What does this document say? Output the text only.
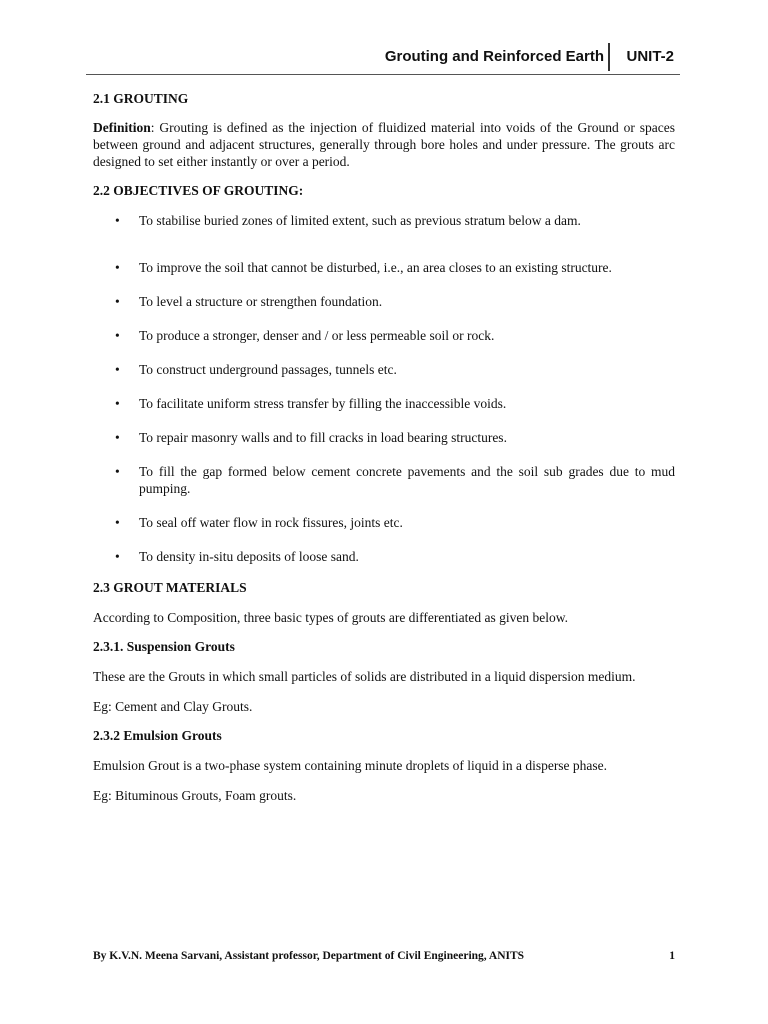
Grouting and Reinforced Earth UNIT-2

2.1 GROUTING

Definition: Grouting is defined as the injection of fluidized material into voids of the Ground or spaces between ground and adjacent structures, generally through bore holes and under pressure. The grouts arc designed to set either instantly or over a period.

2.2 OBJECTIVES OF GROUTING:

• To stabilise buried zones of limited extent, such as previous stratum below a dam.
• To improve the soil that cannot be disturbed, i.e., an area closes to an existing structure.
• To level a structure or strengthen foundation.
• To produce a stronger, denser and / or less permeable soil or rock.
• To construct underground passages, tunnels etc.
• To facilitate uniform stress transfer by filling the inaccessible voids.
• To repair masonry walls and to fill cracks in load bearing structures.
• To fill the gap formed below cement concrete pavements and the soil sub grades due to mud pumping.
• To seal off water flow in rock fissures, joints etc.
• To density in-situ deposits of loose sand.

2.3 GROUT MATERIALS

According to Composition, three basic types of grouts are differentiated as given below.

2.3.1. Suspension Grouts

These are the Grouts in which small particles of solids are distributed in a liquid dispersion medium.

Eg: Cement and Clay Grouts.

2.3.2 Emulsion Grouts

Emulsion Grout is a two-phase system containing minute droplets of liquid in a disperse phase.

Eg: Bituminous Grouts, Foam grouts.

By K.V.N. Meena Sarvani, Assistant professor, Department of Civil Engineering, ANITS	1
